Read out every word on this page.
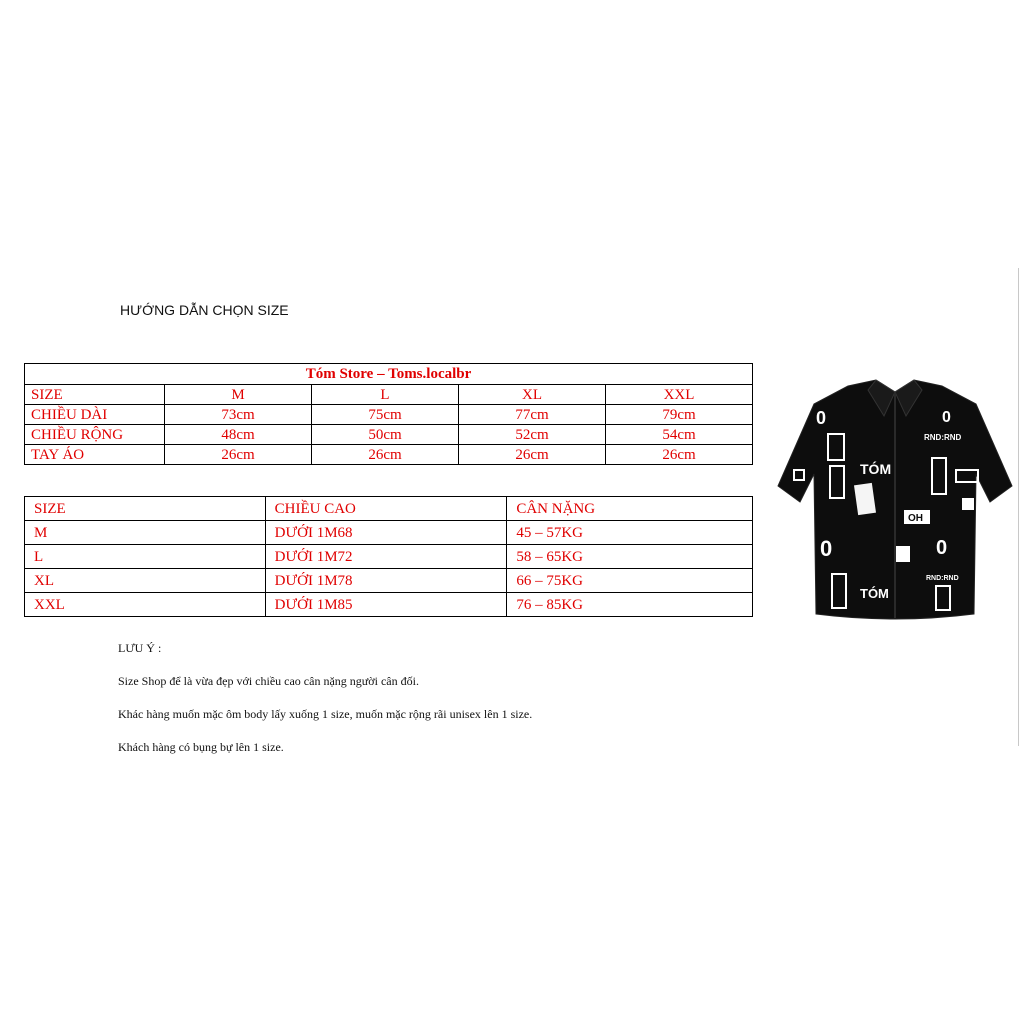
HƯỚNG DẪN CHỌN SIZE
Tóm Store – Toms.localbr				
SIZE	M	L	XL	XXL
CHIỀU DÀI	73cm	75cm	77cm	79cm
CHIỀU RỘNG	48cm	50cm	52cm	54cm
TAY ÁO	26cm	26cm	26cm	26cm
SIZE	CHIỀU CAO	CÂN NẶNG
M	DƯỚI 1M68	45 – 57KG
L	DƯỚI 1M72	58 – 65KG
XL	DƯỚI 1M78	66 – 75KG
XXL	DƯỚI 1M85	76 – 85KG

LƯU Ý :

Size Shop để là vừa đẹp với chiều cao cân nặng người cân đối.

Khác hàng muốn mặc ôm body lấy xuống 1 size, muốn mặc rộng rãi unisex lên 1 size.

Khách hàng có bụng bự lên 1 size.

0	0
RND:RND
TÓM
OH
0	0
RND:RND
TÓM
